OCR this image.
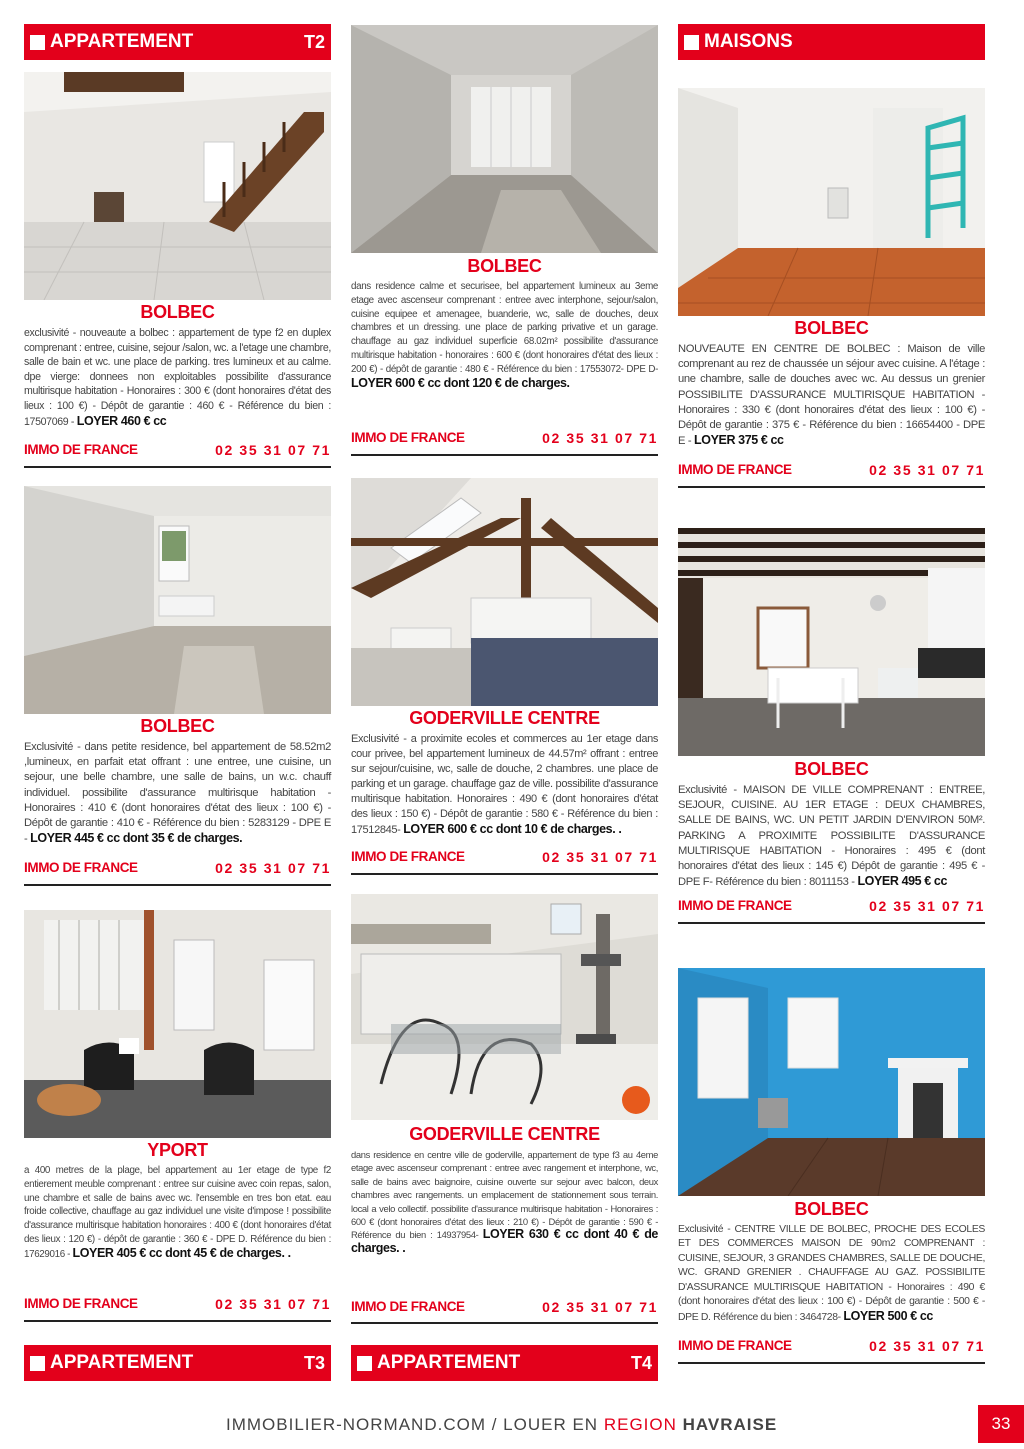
APPARTEMENT	T2	MAISONS
APPARTEMENT	T3	APPARTEMENT	T4
BOLBEC
exclusivité - nouveaute a bolbec : appartement de type f2 en duplex comprenant : entree, cuisine, sejour /salon, wc. a l'etage une chambre, salle de bain et wc. une place de parking. tres lumineux et au calme. dpe vierge: donnees non exploitables possibilite d'assurance multirisque habitation - Honoraires : 300 € (dont honoraires d'état des lieux : 100 €) - Dépôt de garantie : 460 € - Référence du bien : 17507069 - LOYER 460 € cc
IMMO DE FRANCE	02 35 31 07 71
BOLBEC
Exclusivité - dans petite residence, bel appartement de 58.52m2 ,lumineux, en parfait etat offrant : une entree, une cuisine, un sejour, une belle chambre, une salle de bains, un w.c. chauff individuel. possibilite d'assurance multirisque habitation - Honoraires : 410 € (dont honoraires d'état des lieux : 100 €) - Dépôt de garantie : 410 € - Référence du bien : 5283129 - DPE E - LOYER 445 € cc dont 35 € de charges.
IMMO DE FRANCE	02 35 31 07 71
YPORT
a 400 metres de la plage, bel appartement au 1er etage de type f2 entierement meuble comprenant : entree sur cuisine avec coin repas, salon, une chambre et salle de bains avec wc. l'ensemble en tres bon etat. eau froide collective, chauffage au gaz individuel une visite d'impose ! possibilite d'assurance multirisque habitation honoraires : 400 € (dont honoraires d'état des lieux : 120 €) - dépôt de garantie : 360 € - DPE D. Référence du bien : 17629016 - LOYER 405 € cc dont 45 € de charges. .
IMMO DE FRANCE	02 35 31 07 71
BOLBEC
dans residence calme et securisee, bel appartement lumineux au 3eme etage avec ascenseur comprenant : entree avec interphone, sejour/salon, cuisine equipee et amenagee, buanderie, wc, salle de douches, deux chambres et un dressing. une place de parking privative et un garage. chauffage au gaz individuel superficie 68.02m² possibilite d'assurance multirisque habitation - honoraires : 600 € (dont honoraires d'état des lieux : 200 €) - dépôt de garantie : 480 € - Référence du bien : 17553072- DPE D- LOYER 600 € cc dont 120 € de charges.
IMMO DE FRANCE	02 35 31 07 71
GODERVILLE CENTRE
Exclusivité - a proximite ecoles et commerces au 1er etage dans cour privee, bel appartement lumineux de 44.57m² offrant : entree sur sejour/cuisine, wc, salle de douche, 2 chambres. une place de parking et un garage. chauffage gaz de ville. possibilite d'assurance multirisque habitation. Honoraires : 490 € (dont honoraires d'état des lieux : 150 €) - Dépôt de garantie : 580 € - Référence du bien : 17512845- LOYER 600 € cc dont 10 € de charges. .
IMMO DE FRANCE	02 35 31 07 71
GODERVILLE CENTRE
dans residence en centre ville de goderville, appartement de type f3 au 4eme etage avec ascenseur comprenant : entree avec rangement et interphone, wc, salle de bains avec baignoire, cuisine ouverte sur sejour avec balcon, deux chambres avec rangements. un emplacement de stationnement sous terrain. local a velo collectif. possibilite d'assurance multirisque habitation - Honoraires : 600 € (dont honoraires d'état des lieux : 210 €) - Dépôt de garantie : 590 € - Référence du bien : 14937954- LOYER 630 € cc dont 40 € de charges. .
IMMO DE FRANCE	02 35 31 07 71
BOLBEC
NOUVEAUTE EN CENTRE DE BOLBEC : Maison de ville comprenant au rez de chaussée un séjour avec cuisine. A l'étage : une chambre, salle de douches avec wc. Au dessus un grenier POSSIBILITE D'ASSURANCE MULTIRISQUE HABITATION - Honoraires : 330 € (dont honoraires d'état des lieux : 100 €) - Dépôt de garantie : 375 € - Référence du bien : 16654400 - DPE E - LOYER 375 € cc
IMMO DE FRANCE	02 35 31 07 71
BOLBEC
Exclusivité - MAISON DE VILLE COMPRENANT : ENTREE, SEJOUR, CUISINE. AU 1ER ETAGE : DEUX CHAMBRES, SALLE DE BAINS, WC. UN PETIT JARDIN D'ENVIRON 50M². PARKING A PROXIMITE POSSIBILITE D'ASSURANCE MULTIRISQUE HABITATION - Honoraires : 495 € (dont honoraires d'état des lieux : 145 €) Dépôt de garantie : 495 € -DPE F- Référence du bien : 8011153 - LOYER 495 € cc
IMMO DE FRANCE	02 35 31 07 71
BOLBEC
Exclusivité - CENTRE VILLE DE BOLBEC, PROCHE DES ECOLES ET DES COMMERCES MAISON DE 90m2 COMPRENANT : CUISINE, SEJOUR, 3 GRANDES CHAMBRES, SALLE DE DOUCHE, WC. GRAND GRENIER . CHAUFFAGE AU GAZ. POSSIBILITE D'ASSURANCE MULTIRISQUE HABITATION - Honoraires : 490 € (dont honoraires d'état des lieux : 100 €) - Dépôt de garantie : 500 € -DPE D. Référence du bien : 3464728- LOYER 500 € cc
IMMO DE FRANCE	02 35 31 07 71
IMMOBILIER-NORMAND.COM / LOUER EN REGION HAVRAISE	33
